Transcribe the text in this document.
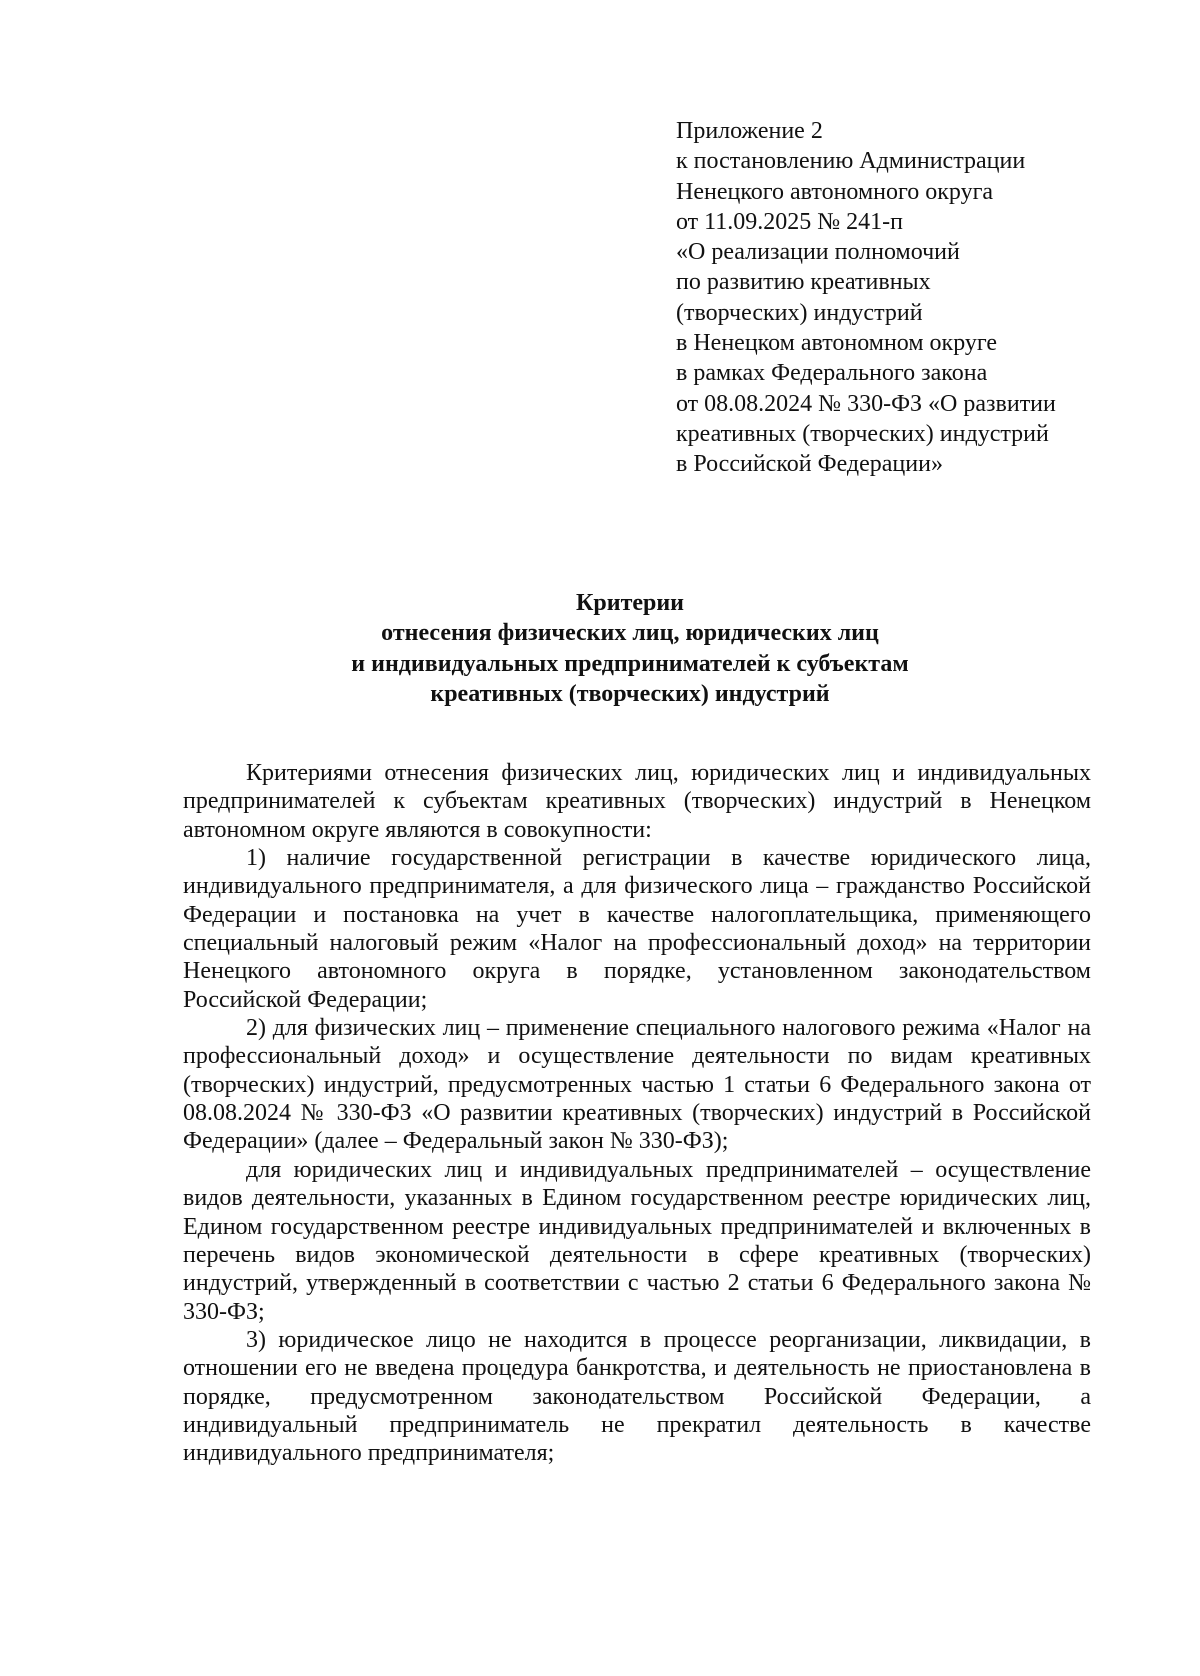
Приложение 2
к постановлению Администрации
Ненецкого автономного округа
от 11.09.2025 № 241-п
«О реализации полномочий
по развитию креативных
(творческих) индустрий
в Ненецком автономном округе
в рамках Федерального закона
от 08.08.2024 № 330-ФЗ «О развитии
креативных (творческих) индустрий
в Российской Федерации»
Критерии
отнесения физических лиц, юридических лиц
и индивидуальных предпринимателей к субъектам
креативных (творческих) индустрий

Критериями отнесения физических лиц, юридических лиц и индивидуальных предпринимателей к субъектам креативных (творческих) индустрий в Ненецком автономном округе являются в совокупности:

1) наличие государственной регистрации в качестве юридического лица, индивидуального предпринимателя, а для физического лица – гражданство Российской Федерации и постановка на учет в качестве налогоплательщика, применяющего специальный налоговый режим «Налог на профессиональный доход» на территории Ненецкого автономного округа в порядке, установленном законодательством Российской Федерации;

2) для физических лиц – применение специального налогового режима «Налог на профессиональный доход» и осуществление деятельности по видам креативных (творческих) индустрий, предусмотренных частью 1 статьи 6 Федерального закона от 08.08.2024 № 330-ФЗ «О развитии креативных (творческих) индустрий в Российской Федерации» (далее – Федеральный закон № 330-ФЗ);

для юридических лиц и индивидуальных предпринимателей – осуществление видов деятельности, указанных в Едином государственном реестре юридических лиц, Едином государственном реестре индивидуальных предпринимателей и включенных в перечень видов экономической деятельности в сфере креативных (творческих) индустрий, утвержденный в соответствии с частью 2 статьи 6 Федерального закона № 330-ФЗ;

3) юридическое лицо не находится в процессе реорганизации, ликвидации, в отношении его не введена процедура банкротства, и деятельность не приостановлена в порядке, предусмотренном законодательством Российской Федерации, а индивидуальный предприниматель не прекратил деятельность в качестве индивидуального предпринимателя;
